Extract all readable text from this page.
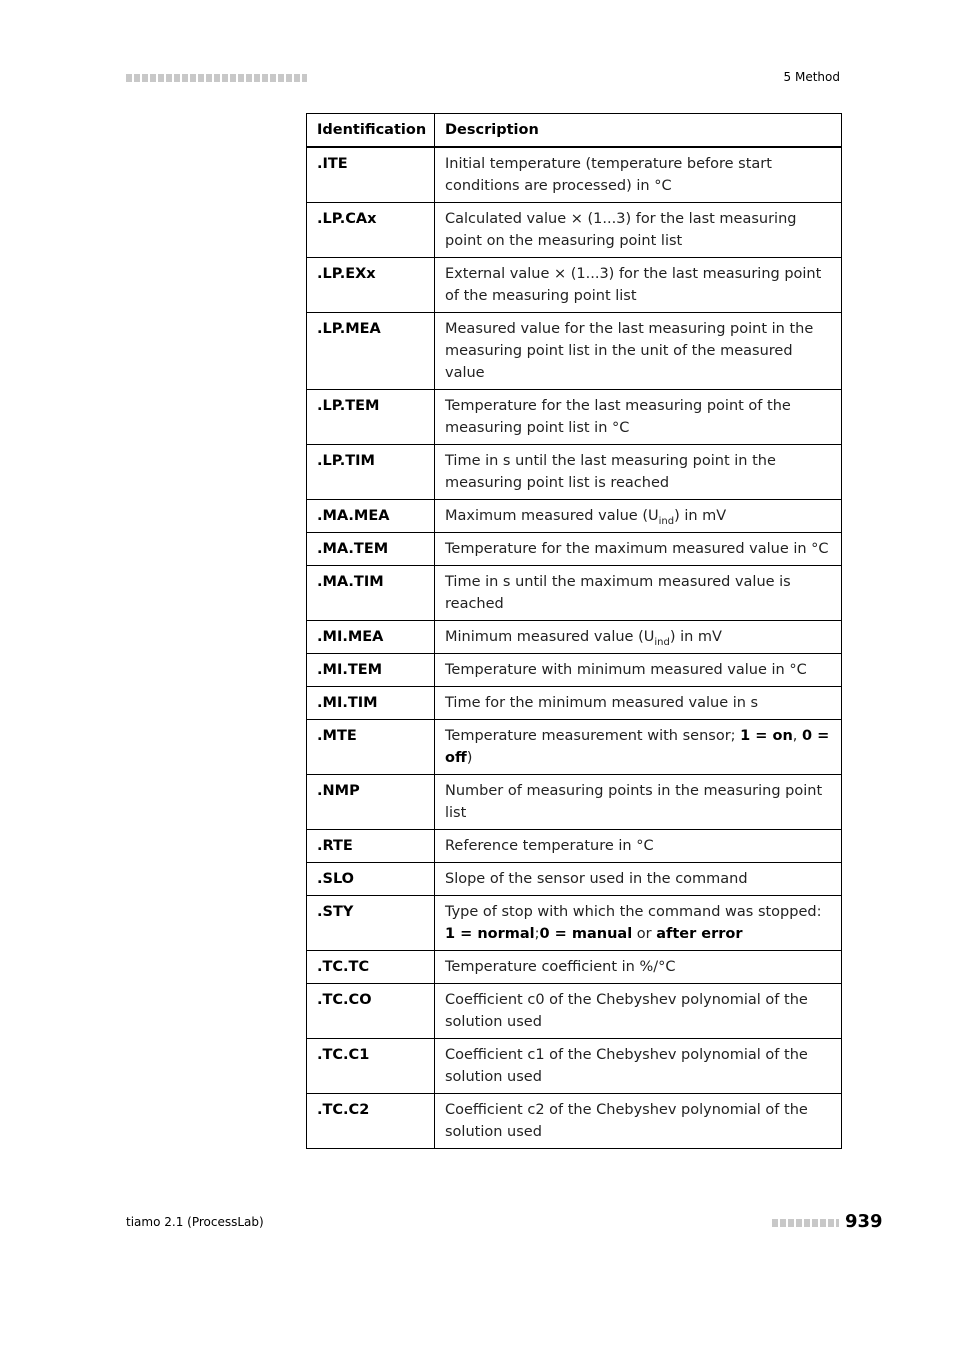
5 Method
Identification	Description
.ITE	Initial temperature (temperature before start conditions are processed) in °C
.LP.CAx	Calculated value × (1...3) for the last measuring point on the measuring point list
.LP.EXx	External value × (1...3) for the last measuring point of the measuring point list
.LP.MEA	Measured value for the last measuring point in the measuring point list in the unit of the measured value
.LP.TEM	Temperature for the last measuring point of the measuring point list in °C
.LP.TIM	Time in s until the last measuring point in the measuring point list is reached
.MA.MEA	Maximum measured value $(U_{ind})$ in mV
.MA.TEM	Temperature for the maximum measured value in °C
.MA.TIM	Time in s until the maximum measured value is reached
.MI.MEA	Minimum measured value $(U_{ind})$ in mV
.MI.TEM	Temperature with minimum measured value in °C
.MI.TIM	Time for the minimum measured value in s
.MTE	Temperature measurement with sensor; 1 = on, 0 = off)
.NMP	Number of measuring points in the measuring point list
.RTE	Reference temperature in °C
.SLO	Slope of the sensor used in the command
.STY	Type of stop with which the command was stopped: 1 = normal;0 = manual or after error
.TC.TC	Temperature coefficient in %/°C
.TC.CO	Coefficient c0 of the Chebyshev polynomial of the solution used
.TC.C1	Coefficient c1 of the Chebyshev polynomial of the solution used
.TC.C2	Coefficient c2 of the Chebyshev polynomial of the solution used
tiamo 2.1 (ProcessLab)	939
